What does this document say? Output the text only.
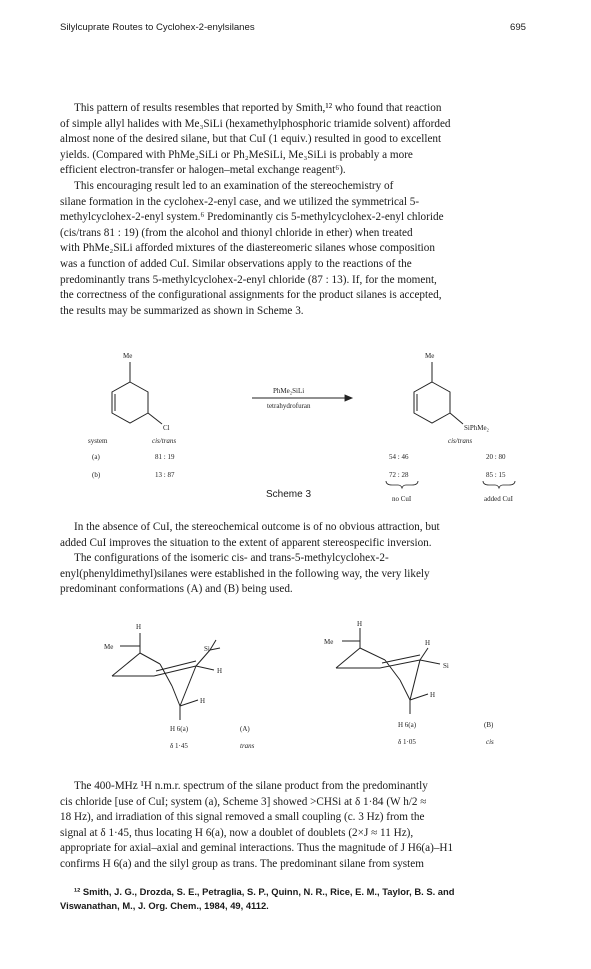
Silylcuprate Routes to Cyclohex-2-enylsilanes	695
This pattern of results resembles that reported by Smith,¹² who found that reaction
of simple allyl halides with Me₃SiLi (hexamethylphosphoric triamide solvent) afforded
almost none of the desired silane, but that CuI (1 equiv.) resulted in good to excellent
yields. (Compared with PhMe₂SiLi or Ph₂MeSiLi, Me₃SiLi is probably a more
efficient electron-transfer or halogen–metal exchange reagent⁶).
This encouraging result led to an examination of the stereochemistry of
silane formation in the cyclohex-2-enyl case, and we utilized the symmetrical 5-
methylcyclohex-2-enyl system.⁶ Predominantly cis 5-methylcyclohex-2-enyl chloride
(cis/trans 81 : 19) (from the alcohol and thionyl chloride in ether) when treated
with PhMe₂SiLi afforded mixtures of the diastereomeric silanes whose composition
was a function of added CuI. Similar observations apply to the reactions of the
predominantly trans 5-methylcyclohex-2-enyl chloride (87 : 13). If, for the moment,
the correctness of the configurational assignments for the product silanes is accepted,
the results may be summarized as shown in Scheme 3.
Me
Cl
PhMe₂SiLi
tetrahydrofuran
Me
SiPhMe₂
system	cis/trans	cis/trans
(a)	81 : 19	54 : 46	20 : 80
(b)	13 : 87	72 : 28	85 : 15
no CuI	added CuI
Scheme 3
In the absence of CuI, the stereochemical outcome is of no obvious attraction, but
added CuI improves the situation to the extent of apparent stereospecific inversion.
The configurations of the isomeric cis- and trans-5-methylcyclohex-2-
enyl(phenyldimethyl)silanes were established in the following way, the very likely
predominant conformations (A) and (B) being used.
H
Me	Si
H
H
H 6(a)
δ 1·45
(A)
trans
H
Me	H
Si
H
H 6(a)
δ 1·05
(B)
cis
The 400-MHz ¹H n.m.r. spectrum of the silane product from the predominantly
cis chloride [use of CuI; system (a), Scheme 3] showed >CHSi at δ 1·84 (W h/2 ≈
18 Hz), and irradiation of this signal removed a small coupling (c. 3 Hz) from the
signal at δ 1·45, thus locating H 6(a), now a doublet of doublets (2×J ≈ 11 Hz),
appropriate for axial–axial and geminal interactions. Thus the magnitude of J H6(a)–H1
confirms H 6(a) and the silyl group as trans. The predominant silane from system
¹² Smith, J. G., Drozda, S. E., Petraglia, S. P., Quinn, N. R., Rice, E. M., Taylor, B. S. and
Viswanathan, M., J. Org. Chem., 1984, 49, 4112.
